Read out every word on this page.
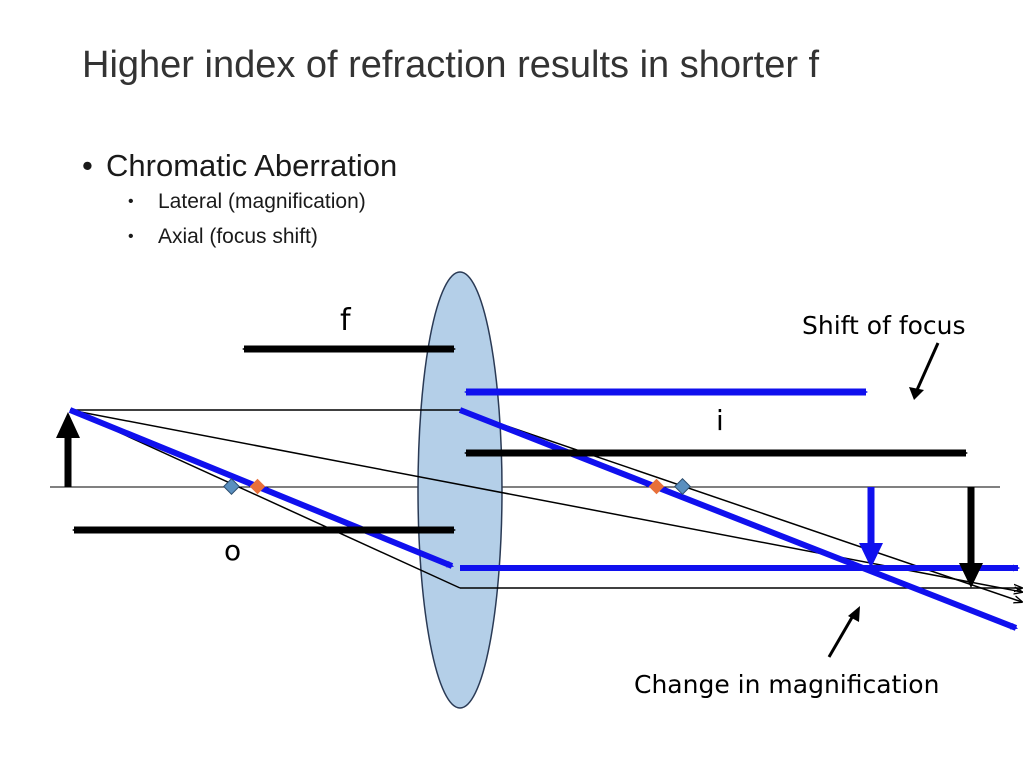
Higher index of refraction results in shorter f
• Chromatic Aberration
• Lateral (magnification)
• Axial (focus shift)
f
o
i
Shift of focus
Change in magnification
